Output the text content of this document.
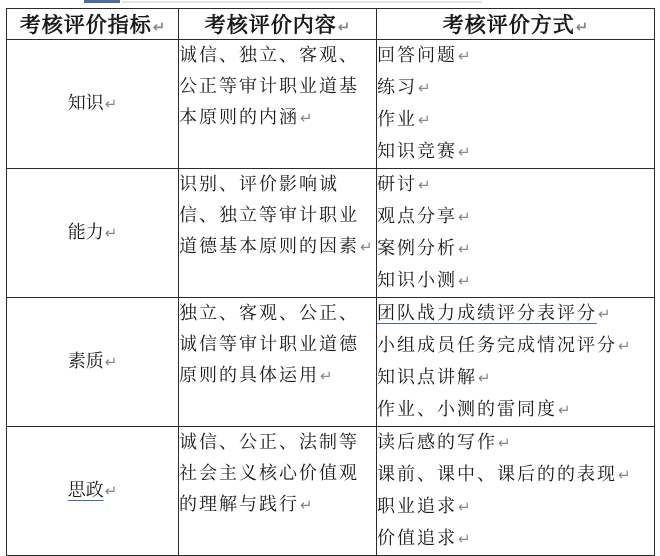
考核评价指标↵	考核评价内容↵	考核评价方式↵
知识↵	诚信、独立、客观、公正等审计职业道基本原则的内涵↵	回答问题↵
练习↵
作业↵
知识竞赛↵

能力↵	识别、评价影响诚信、独立等审计职业道德基本原则的因素↵	研讨↵
观点分享↵
案例分析↵
知识小测↵

素质↵	独立、客观、公正、诚信等审计职业道德原则的具体运用↵	团队战力成绩评分表评分↵
小组成员任务完成情况评分↵
知识点讲解↵
作业、小测的雷同度↵

思政↵	诚信、公正、法制等社会主义核心价值观的理解与践行↵	读后感的写作↵
课前、课中、课后的的表现↵
职业追求↵
价值追求↵
